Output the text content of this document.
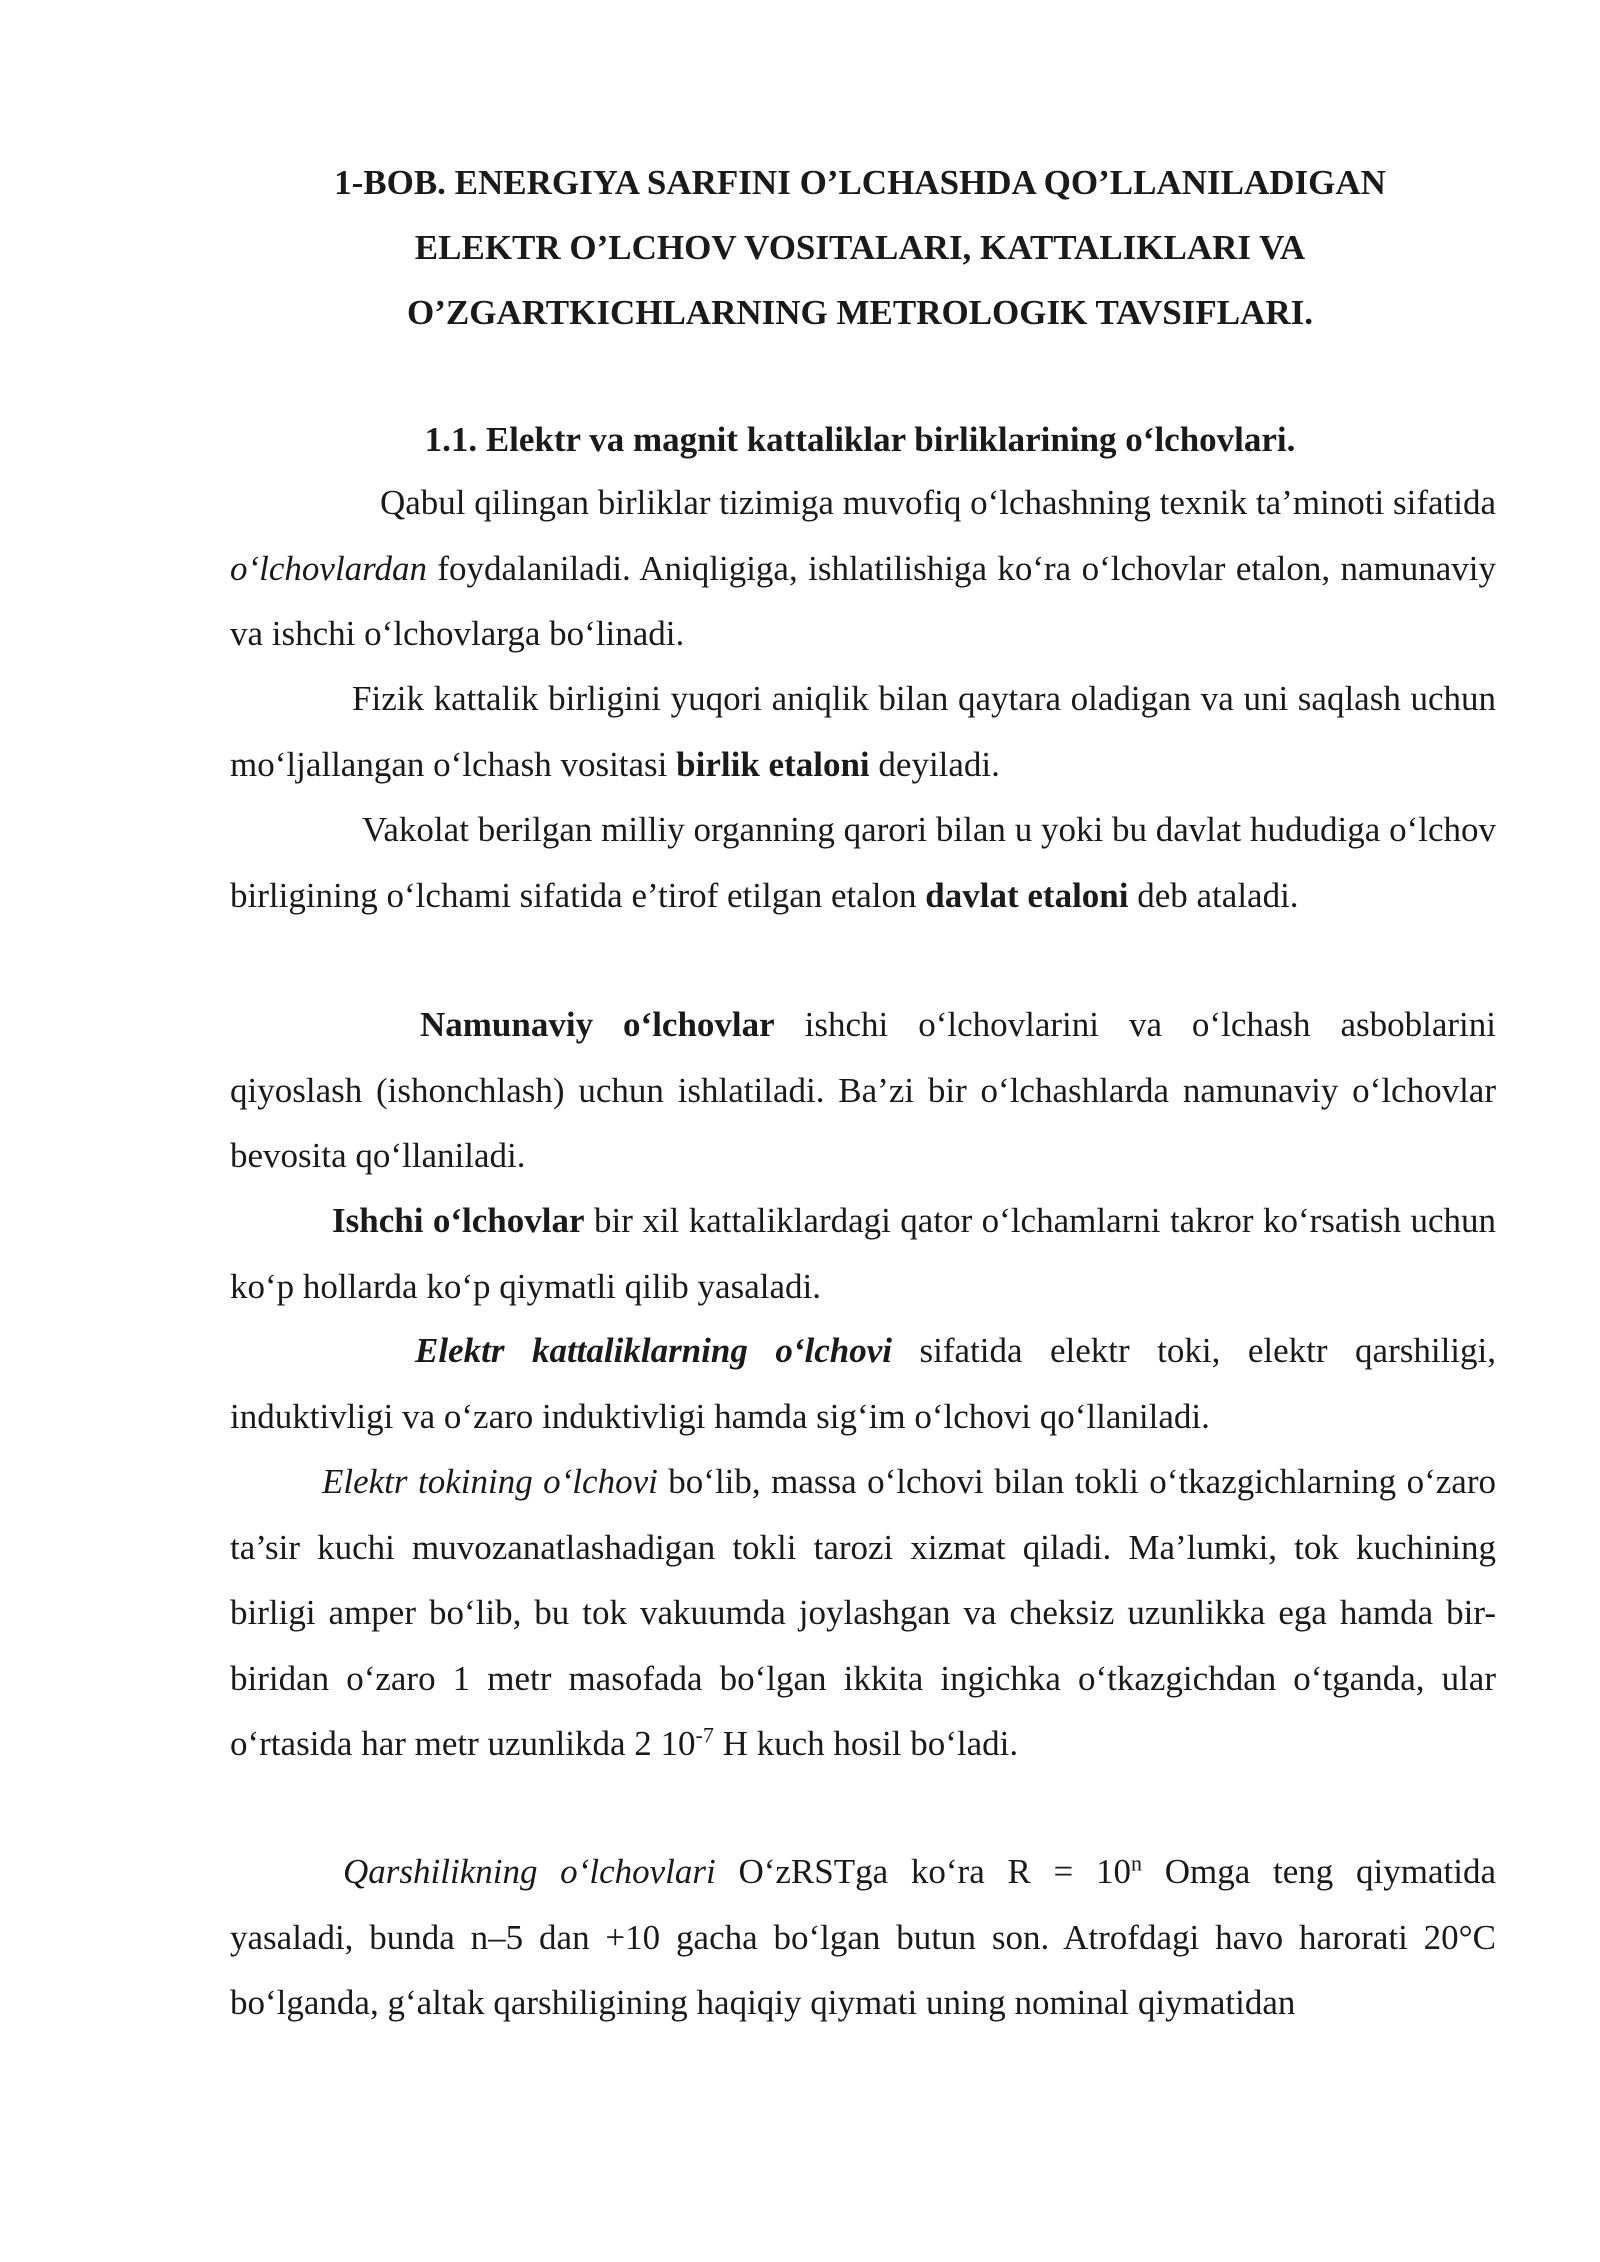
1-BOB. ENERGIYA SARFINI O’LCHASHDA QO’LLANILADIGAN
ELEKTR O’LCHOV VOSITALARI, KATTALIKLARI VA
O’ZGARTKICHLARNING METROLOGIK TAVSIFLARI.
1.1. Elektr va magnit kattaliklar birliklarining o‘lchovlari.

Qabul qilingan birliklar tizimiga muvofiq o‘lchashning texnik ta’minoti sifatida o‘lchovlardan foydalaniladi. Aniqligiga, ishlatilishiga ko‘ra o‘lchovlar etalon, namunaviy va ishchi o‘lchovlarga bo‘linadi.

Fizik kattalik birligini yuqori aniqlik bilan qaytara oladigan va uni saqlash uchun mo‘ljallangan o‘lchash vositasi birlik etaloni deyiladi.

Vakolat berilgan milliy organning qarori bilan u yoki bu davlat hududiga o‘lchov birligining o‘lchami sifatida e’tirof etilgan etalon davlat etaloni deb ataladi.

Namunaviy o‘lchovlar ishchi o‘lchovlarini va o‘lchash asboblarini qiyoslash (ishonchlash) uchun ishlatiladi. Ba’zi bir o‘lchashlarda namunaviy o‘lchovlar bevosita qo‘llaniladi.

Ishchi o‘lchovlar bir xil kattaliklardagi qator o‘lchamlarni takror ko‘rsatish uchun ko‘p hollarda ko‘p qiymatli qilib yasaladi.

Elektr kattaliklarning o‘lchovi sifatida elektr toki, elektr qarshiligi, induktivligi va o‘zaro induktivligi hamda sig‘im o‘lchovi qo‘llaniladi.

Elektr tokining o‘lchovi bo‘lib, massa o‘lchovi bilan tokli o‘tkazgichlarning o‘zaro ta’sir kuchi muvozanatlashadigan tokli tarozi xizmat qiladi. Ma’lumki, tok kuchining birligi amper bo‘lib, bu tok vakuumda joylashgan va cheksiz uzunlikka ega hamda bir-biridan o‘zaro 1 metr masofada bo‘lgan ikkita ingichka o‘tkazgichdan o‘tganda, ular o‘rtasida har metr uzunlikda 2 $10^{-7}$ H kuch hosil bo‘ladi.

Qarshilikning o‘lchovlari O‘zRSTga ko‘ra $R = 10^n$ Omga teng qiymatida yasaladi, bunda n–5 dan +10 gacha bo‘lgan butun son. Atrofdagi havo harorati 20°C bo‘lganda, g‘altak qarshiligining haqiqiy qiymati uning nominal qiymatidan
